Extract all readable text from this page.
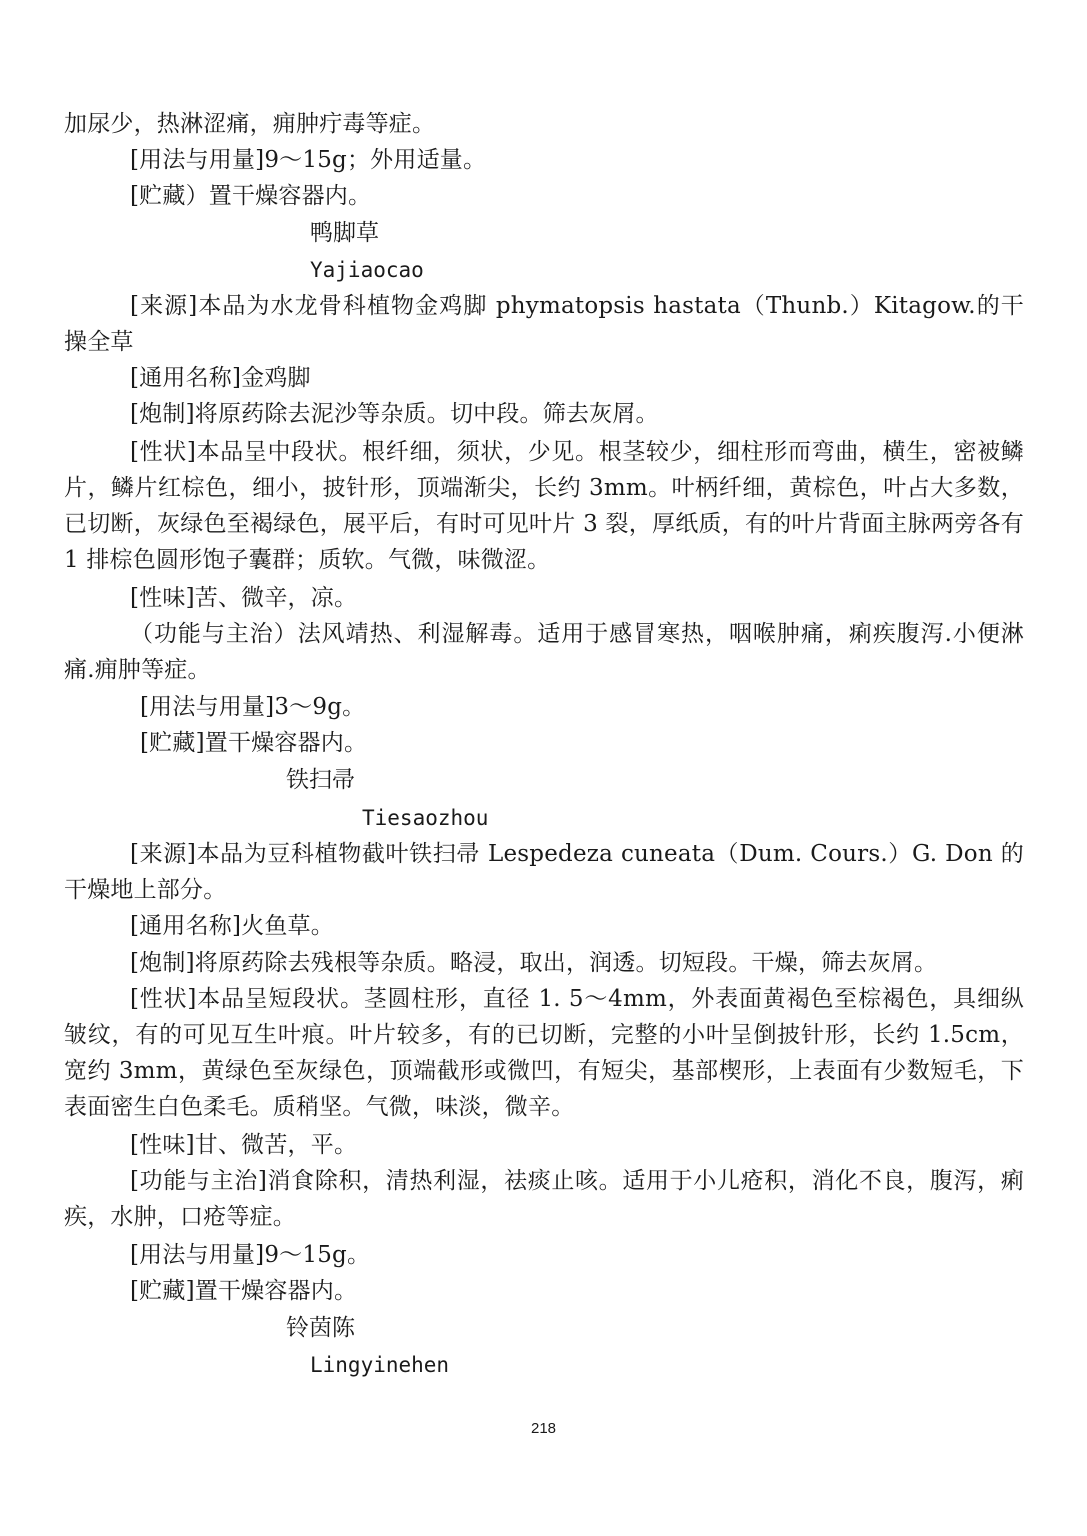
加尿少，热淋涩痛，痈肿疔毒等症。
[用法与用量]9～15g；外用适量。
[贮藏）置干燥容器内。
鸭脚草
Yajiaocao
[来源]本品为水龙骨科植物金鸡脚 phymatopsis hastata（Thunb.）Kitagow.的干操全草
[通用名称]金鸡脚
[炮制]将原药除去泥沙等杂质。切中段。筛去灰屑。
[性状]本品呈中段状。根纤细，须状，少见。根茎较少，细柱形而弯曲，横生，密被鳞片，鳞片红棕色，细小，披针形，顶端渐尖，长约 3mm。叶柄纤细，黄棕色，叶占大多数，已切断，灰绿色至褐绿色，展平后，有时可见叶片 3 裂，厚纸质，有的叶片背面主脉两旁各有 1 排棕色圆形饱子囊群；质软。气微，味微涩。
[性味]苦、微辛，凉。
（功能与主治）法风靖热、利湿解毒。适用于感冒寒热，咽喉肿痛，痢疾腹泻.小便淋痛.痈肿等症。
[用法与用量]3～9g。
[贮藏]置干燥容器内。
铁扫帚
Tiesaozhou
[来源]本品为豆科植物截叶铁扫帚 Lespedeza cuneata（Dum. Cours.）G. Don 的干燥地上部分。
[通用名称]火鱼草。
[炮制]将原药除去残根等杂质。略浸，取出，润透。切短段。干燥，筛去灰屑。
[性状]本品呈短段状。茎圆柱形，直径 1. 5～4mm，外表面黄褐色至棕褐色，具细纵皱纹，有的可见互生叶痕。叶片较多，有的已切断，完整的小叶呈倒披针形，长约 1.5cm，宽约 3mm，黄绿色至灰绿色，顶端截形或微凹，有短尖，基部楔形，上表面有少数短毛，下表面密生白色柔毛。质稍坚。气微，味淡，微辛。
[性味]甘、微苦，平。
[功能与主治]消食除积，清热利湿，祛痰止咳。适用于小儿疮积，消化不良，腹泻，痢疾，水肿，口疮等症。
[用法与用量]9～15g。
[贮藏]置干燥容器内。
铃茵陈
Lingyinehen
218
